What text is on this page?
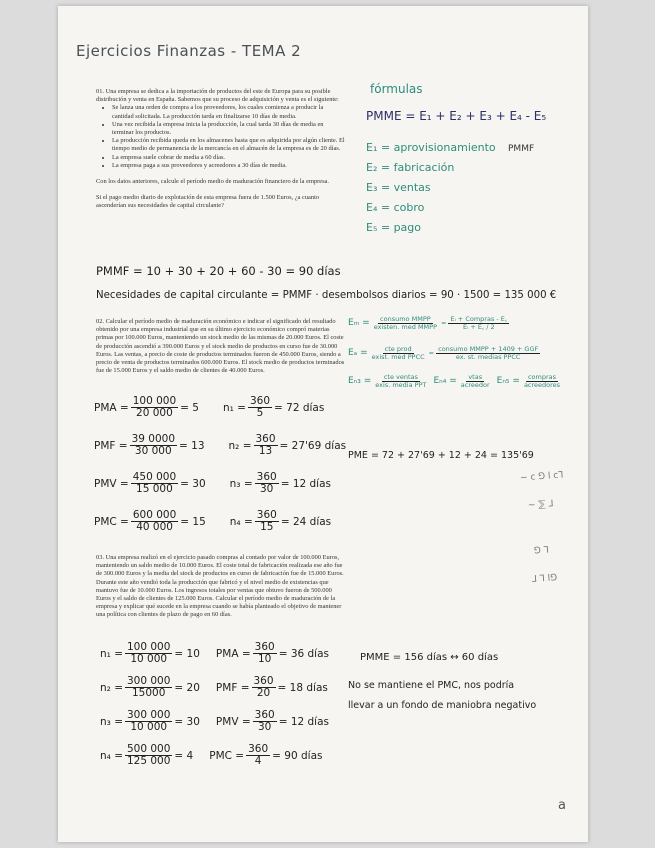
Ejercicios Finanzas - TEMA 2
01. Una empresa se dedica a la importación de productos del este de Europa para su posible distribución y venta en España. Sabemos que su proceso de adquisición y venta es el siguiente:
• Se lanza una orden de compra a los proveedores, los cuales comienza a producir la cantidad solicitada. La producción tarda en finalizarse 10 días de media.
• Una vez recibida la empresa inicia la producción, la cual tarda 30 días de media en terminar los productos.
• La producción recibida queda en los almacenes hasta que es adquirida por algún cliente. El tiempo medio de permanencia de la mercancía en el almacén de la empresa es de 20 días.
• La empresa suele cobrar de media a 60 días.
• La empresa paga a sus proveedores y acreedores a 30 días de media.
Con los datos anteriores, calcule el período medio de maduración financiero de la empresa.
Si el pago medio diario de explotación de esta empresa fuera de 1.500 Euros, ¿a cuanto ascenderían sus necesidades de capital circulante?
fórmulas
PMME = E₁ + E₂ + E₃ + E₄ - E₅
PMMF
E₁ = aprovisionamiento
E₂ = fabricación
E₃ = ventas
E₄ = cobro
E₅ = pago
PMMF = 10 + 30 + 20 + 60 - 30 = 90 días
Necesidades de capital circulante = PMMF · desembolsos diarios = 90 · 1500 = 135 000 €
02. Calcular el período medio de maduración económico e indicar el significado del resultado obtenido por una empresa industrial que en su último ejercicio económico compró materias primas por 100.000 Euros, manteniendo un stock medio de las mismas de 20.000 Euros. El coste de producción ascendió a 390.000 Euros y el stock medio de productos en curso fue de 30.000 Euros. Las ventas, a precio de coste de productos terminados fueron de 450.000 Euros, siendo a precio de venta de productos terminados 600.000 Euros. El stock medio de productos terminados fue de 15.000 Euros y el saldo medio de clientes de 40.000 Euros.
$E_m = \frac{\text{consumo MMPP}}{\text{existen. med MMPP}} = \frac{\text{Eᵢ + Compras - E꜀}}{\text{Eᵢ + E꜀ / 2}}$
$E_a = \frac{\text{cte prod}}{\text{exist. med PPCC}} = \frac{\text{consumo MMPP + 1409 + GGF}}{\text{ex. st. medias PPCC}}$
$E_{n3} = \frac{\text{cte ventas}}{\text{exis. media PPT}} E_{n4} = \frac{\text{vtas}}{\text{acreedor}} E_{n5} = \frac{\text{compras}}{\text{acreedores}}$
PMA = $\frac{100 000}{20 000} = 5$ $n_1 = \frac{360}{5} = 72$ días
PMF = $\frac{39 0000}{30 000} = 13$ $n_2 = \frac{360}{13} = 27'69$ días
PMV = $\frac{450 000}{15 000} = 30$ $n_3 = \frac{360}{30} = 12$ días
PMC = $\frac{600 000}{40 000} = 15$ $n_4 = \frac{360}{15} = 24$ días
PME = 72 + 27'69 + 12 + 24 = 135'69
~ ⅽ ⅁ ⅼ ⅽ⅂
~ ⅀ ⅃
⅁ ⅂
⅃ ⅂ ⅼ⅁
03. Una empresa realizó en el ejercicio pasado compras al contado por valor de 100.000 Euros, manteniendo un saldo medio de 10.000 Euros. El coste total de fabricación realizada ese año fue de 300.000 Euros y la media del stock de productos en curso de fabricación fue de 15.000 Euros. Durante este año vendió toda la producción que fabricó y el nivel medio de existencias que mantuvo fue de 10.000 Euros. Los ingresos totales por ventas que obtuvo fueron de 500.000 Euros y el saldo de clientes de 125.000 Euros. Calcular el período medio de maduración de la empresa y explicar qué sucede en la empresa cuando se había planteado el objetivo de mantener una política con clientes de plazo de pago en 60 días.
$n_1 = \frac{100 000}{10 000} = 10$ PMA = $\frac{360}{10} = 36$ días
$n_2 = \frac{300 000}{15000} = 20$ PMF = $\frac{360}{20} = 18$ días
$n_3 = \frac{300 000}{10 000} = 30$ PMV = $\frac{360}{30} = 12$ días
$n_4 = \frac{500 000}{125 000} = 4$ PMC = $\frac{360}{4} = 90$ días
PMME = 156 días ↔ 60 días
No se mantiene el PMC, nos podría
llevar a un fondo de maniobra negativo
a
